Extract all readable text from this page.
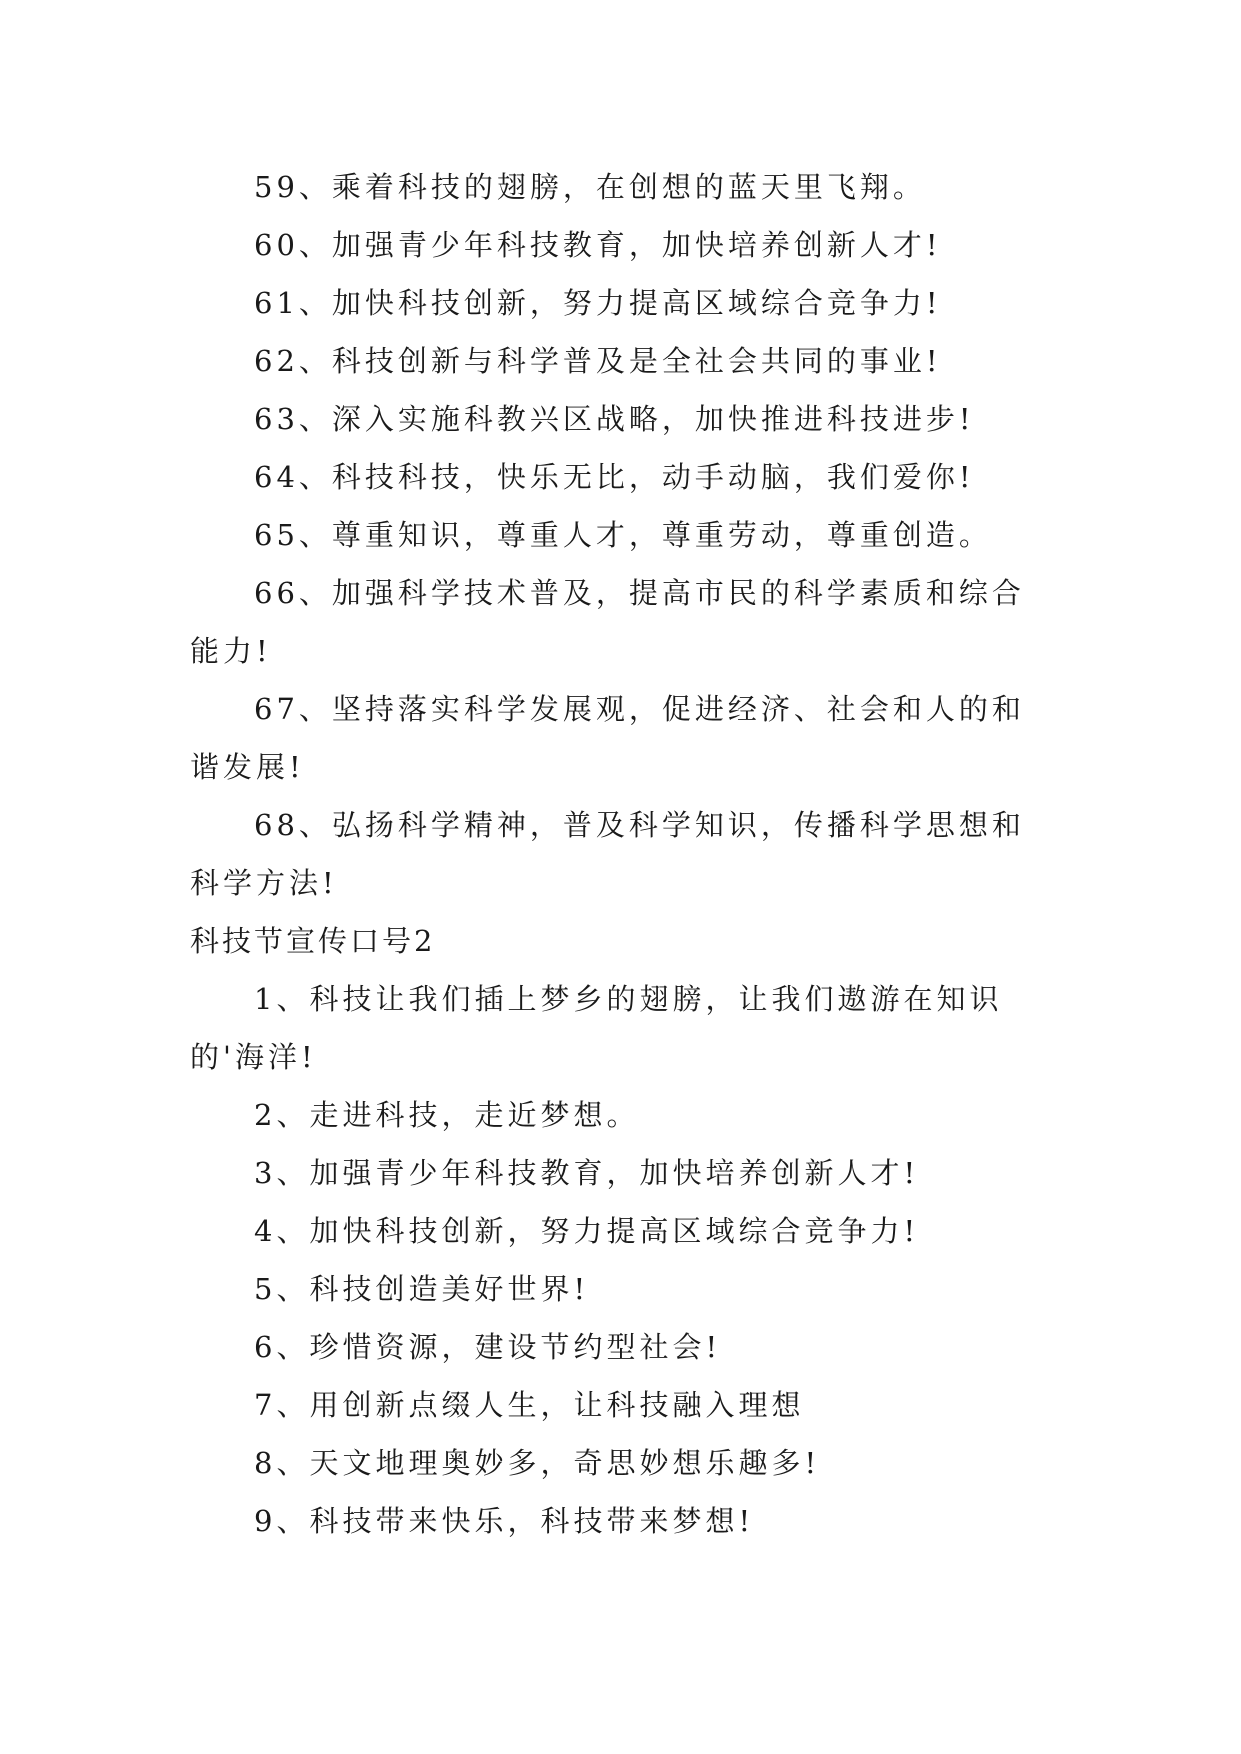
59、乘着科技的翅膀，在创想的蓝天里飞翔。

60、加强青少年科技教育，加快培养创新人才!

61、加快科技创新，努力提高区域综合竞争力!

62、科技创新与科学普及是全社会共同的事业!

63、深入实施科教兴区战略，加快推进科技进步!

64、科技科技，快乐无比，动手动脑，我们爱你!

65、尊重知识，尊重人才，尊重劳动，尊重创造。

66、加强科学技术普及，提高市民的科学素质和综合能力!

67、坚持落实科学发展观，促进经济、社会和人的和谐发展!

68、弘扬科学精神，普及科学知识，传播科学思想和科学方法!

科技节宣传口号2

1、科技让我们插上梦乡的翅膀，让我们遨游在知识的'海洋!

2、走进科技，走近梦想。

3、加强青少年科技教育，加快培养创新人才!

4、加快科技创新，努力提高区域综合竞争力!

5、科技创造美好世界!

6、珍惜资源，建设节约型社会!

7、用创新点缀人生，让科技融入理想

8、天文地理奥妙多，奇思妙想乐趣多!

9、科技带来快乐，科技带来梦想!
